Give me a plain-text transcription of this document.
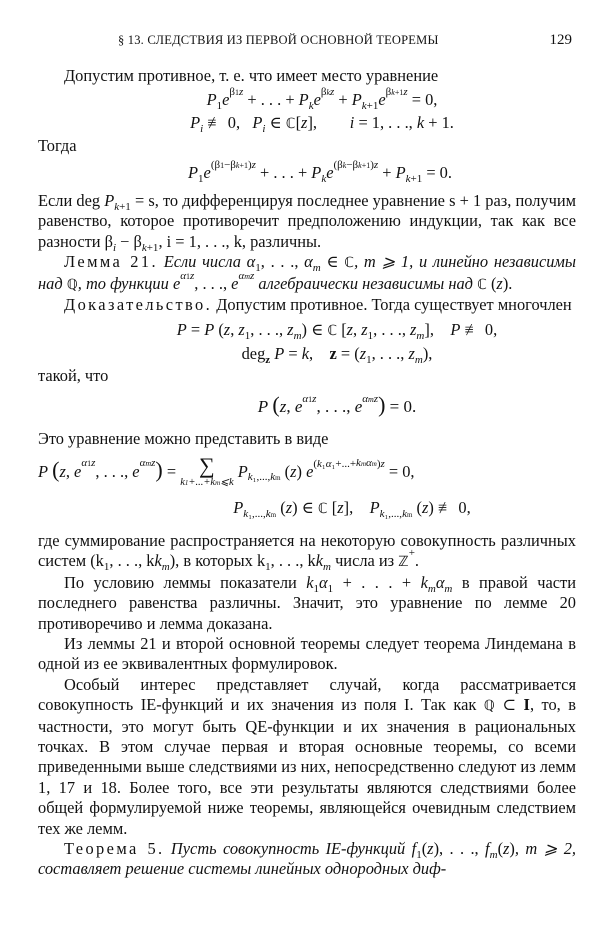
§ 13. СЛЕДСТВИЯ ИЗ ПЕРВОЙ ОСНОВНОЙ ТЕОРЕМЫ	129

Допустим противное, т. е. что имеет место уравнение

$P_1e^{\beta 1z}$ + . . . + $P_ke^{\beta kz} + P_{k+1}e^{\beta k+1z} = 0$,
$P_i$ ≢ 0,   $P_i$ ∈ ℂ[z],        i = 1, . . ., k + 1.

Тогда

$P_1e^{(\beta 1-\beta k+1)z}$ + . . . + $P_ke^{(\beta k-\beta k+1)z} + P_{k+1} = 0$.

Если deg $P_{k+1} = s$, то дифференцируя последнее уравнение s + 1 раз, получим равенство, которое противоречит предположению индукции, так как все разности $\beta_i - \beta_{k+1}$, i = 1, . . ., k, различны.

Лемма 21. Если числа $\alpha_1$, . . ., $\alpha_m$ ∈ ℂ, m ⩾ 1, и линейно независимы над ℚ, то функции $e^{\alpha 1z}$, . . ., $e^{\alpha mz}$ алгебраически независимы над ℂ (z).

Доказательство. Допустим противное. Тогда существует многочлен

P = P (z, $z_1$, . . ., $z_m$) ∈ ℂ [z, $z_1$, . . ., $z_m$],    P ≢ 0,
deg$_z$ P = k,    $z = (z_1$, . . ., $z_m$),

такой, что

P (z, $e^{\alpha 1z}$, . . ., $e^{\alpha mz}) = 0$.

Это уравнение можно представить в виде

P (z, $e^{\alpha 1z}$, . . ., $e^{\alpha mz}$) = ∑
k1+...+km⩽k
$P_{k_1,...,km}$ (z) $e^{(k_1\alpha_1+...+km\alpha m)z} = 0$,
$P_{k_1,...,km}$ (z) ∈ ℂ [z],    $P_{k_1,...,km}$ (z) ≢ 0,

где суммирование распространяется на некоторую совокупность различных систем ($k_1$, . . ., $kk_m$), в которых $k_1$, . . ., $kk_m$ числа из ℤ+.

По условию леммы показатели $k_1\alpha_1$ + . . . + $k_m\alpha_m$ в правой части последнего равенства различны. Значит, это уравнение по лемме 20 противоречиво и лемма доказана.

Из леммы 21 и второй основной теоремы следует теорема Линдемана в одной из ее эквивалентных формулировок.

Особый интерес представляет случай, когда рассматривается совокупность IE-функций и их значения из поля I. Так как ℚ ⊂ I, то, в частности, это могут быть QE-функции и их значения в рациональных точках. В этом случае первая и вторая основные теоремы, со всеми приведенными выше следствиями из них, непосредственно следуют из лемм 1, 17 и 18. Более того, все эти результаты являются следствиями более общей формулируемой ниже теоремы, являющейся очевидным следствием тех же лемм.

Теорема 5. Пусть совокупность IE-функций $f_1(z)$, . . ., $f_m(z)$, m ⩾ 2, составляет решение системы линейных однородных диф-
